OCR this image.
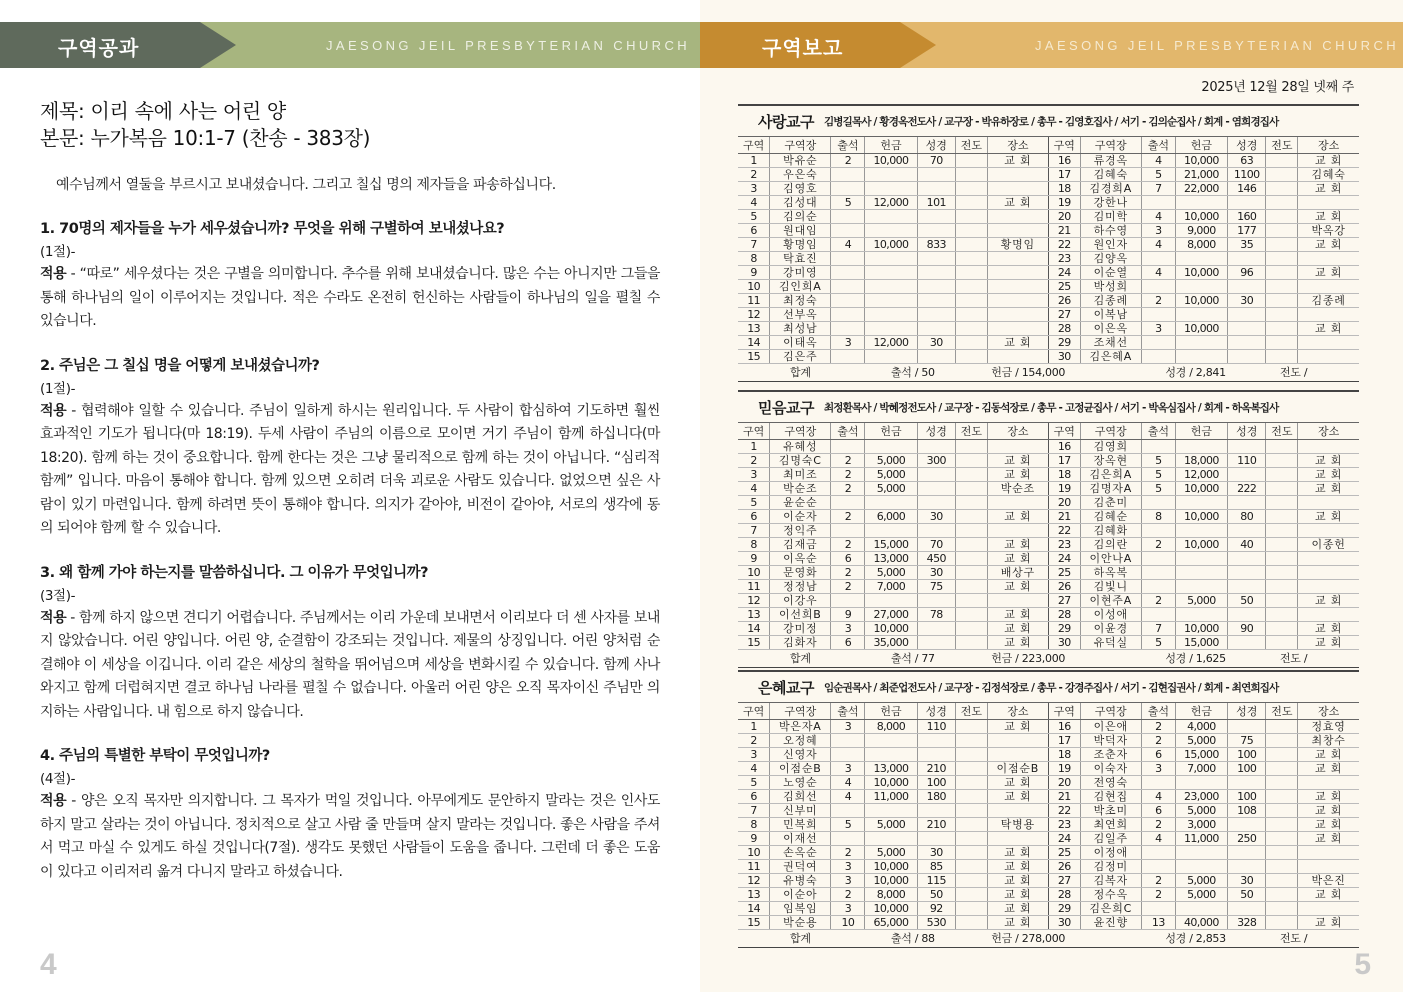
구역공과	JAESONG JEIL PRESBYTERIAN CHURCH
제목: 이리 속에 사는 어린 양
본문: 누가복음 10:1-7 (찬송 - 383장)
예수님께서 열둘을 부르시고 보내셨습니다. 그리고 칠십 명의 제자들을 파송하십니다.
1. 70명의 제자들을 누가 세우셨습니까? 무엇을 위해 구별하여 보내셨나요?
(1절)-
적용 - “따로” 세우셨다는 것은 구별을 의미합니다. 추수를 위해 보내셨습니다. 많은 수는 아니지만 그들을 통해 하나님의 일이 이루어지는 것입니다. 적은 수라도 온전히 헌신하는 사람들이 하나님의 일을 펼칠 수 있습니다.
2. 주님은 그 칠십 명을 어떻게 보내셨습니까?
(1절)-
적용 - 협력해야 일할 수 있습니다. 주님이 일하게 하시는 원리입니다. 두 사람이 합심하여 기도하면 훨씬 효과적인 기도가 됩니다(마 18:19). 두세 사람이 주님의 이름으로 모이면 거기 주님이 함께 하십니다(마 18:20). 함께 하는 것이 중요합니다. 함께 한다는 것은 그냥 물리적으로 함께 하는 것이 아닙니다. “심리적 함께” 입니다. 마음이 통해야 합니다. 함께 있으면 오히려 더욱 괴로운 사람도 있습니다. 없었으면 싶은 사람이 있기 마련입니다. 함께 하려면 뜻이 통해야 합니다. 의지가 같아야, 비전이 같아야, 서로의 생각에 동의 되어야 함께 할 수 있습니다.
3. 왜 함께 가야 하는지를 말씀하십니다. 그 이유가 무엇입니까?
(3절)-
적용 - 함께 하지 않으면 견디기 어렵습니다. 주님께서는 이리 가운데 보내면서 이리보다 더 센 사자를 보내지 않았습니다. 어린 양입니다. 어린 양, 순결함이 강조되는 것입니다. 제물의 상징입니다. 어린 양처럼 순결해야 이 세상을 이깁니다. 이리 같은 세상의 철학을 뛰어넘으며 세상을 변화시킬 수 있습니다. 함께 사나와지고 함께 더럽혀지면 결코 하나님 나라를 펼칠 수 없습니다. 아울러 어린 양은 오직 목자이신 주님만 의지하는 사람입니다. 내 힘으로 하지 않습니다.
4. 주님의 특별한 부탁이 무엇입니까?
(4절)-
적용 - 양은 오직 목자만 의지합니다. 그 목자가 먹일 것입니다. 아무에게도 문안하지 말라는 것은 인사도 하지 말고 살라는 것이 아닙니다. 정치적으로 살고 사람 줄 만들며 살지 말라는 것입니다. 좋은 사람을 주셔서 먹고 마실 수 있게도 하실 것입니다(7절). 생각도 못했던 사람들이 도움을 줍니다. 그런데 더 좋은 도움이 있다고 이리저리 옮겨 다니지 말라고 하셨습니다.
4
구역보고	JAESONG JEIL PRESBYTERIAN CHURCH
2025년 12월 28일 넷째 주
사랑교구 김병길목사 / 황경옥전도사 / 교구장 - 박유하장로 / 총무 - 김영호집사 / 서기 - 김의순집사 / 회계 - 염희경집사
구역	구역장	출석	헌금	성경	전도	장소	구역	구역장	출석	헌금	성경	전도	장소
1	박유순	2	10,000	70		교 회	16	류경옥	4	10,000	63		교 회
2	우은숙						17	김혜숙	5	21,000	1100		김혜숙
3	김영호						18	김경희A	7	22,000	146		교 회
4	김성대	5	12,000	101		교 회	19	강한나					
5	김의순						20	김미학	4	10,000	160		교 회
6	원대임						21	하수영	3	9,000	177		박옥강
7	황명임	4	10,000	833		황명임	22	원인자	4	8,000	35		교 회
8	탁효진						23	김양옥					
9	강미영						24	이순열	4	10,000	96		교 회
10	김인희A						25	박성희					
11	최정숙						26	김종례	2	10,000	30		김종례
12	선부옥						27	이복남					
13	최성남						28	이은옥	3	10,000			교 회
14	이태옥	3	12,000	30		교 회	29	조채선					
15	김은주						30	김은혜A					
합계			출석 / 50			헌금 / 154,000			성경 / 2,841			전도 /	
믿음교구 최정환목사 / 박혜정전도사 / 교구장 - 김동석장로 / 총무 - 고정균집사 / 서기 - 박옥심집사 / 회계 - 하옥복집사
구역	구역장	출석	헌금	성경	전도	장소	구역	구역장	출석	헌금	성경	전도	장소
1	유혜성						16	김영희					
2	김명숙C	2	5,000	300		교 회	17	장옥현	5	18,000	110		교 회
3	최미조	2	5,000			교 회	18	김은희A	5	12,000			교 회
4	박순조	2	5,000			박순조	19	김명자A	5	10,000	222		교 회
5	윤순순						20	김춘미					
6	이순자	2	6,000	30		교 회	21	김혜순	8	10,000	80		교 회
7	정익주						22	김혜화					
8	김재금	2	15,000	70		교 회	23	김의란	2	10,000	40		이종헌
9	이옥순	6	13,000	450		교 회	24	이안나A					
10	문영화	2	5,000	30		배상구	25	하옥복					
11	정정남	2	7,000	75		교 회	26	김빛니					
12	이강우						27	이현주A	2	5,000	50		교 회
13	이선희B	9	27,000	78		교 회	28	이성애					
14	강미정	3	10,000			교 회	29	이윤경	7	10,000	90		교 회
15	김화자	6	35,000			교 회	30	유덕실	5	15,000			교 회
합계			출석 / 77			헌금 / 223,000			성경 / 1,625			전도 /	
은혜교구 임순권목사 / 최준업전도사 / 교구장 - 김정석장로 / 총무 - 강경주집사 / 서기 - 김현집권사 / 회계 - 최연희집사
구역	구역장	출석	헌금	성경	전도	장소	구역	구역장	출석	헌금	성경	전도	장소
1	박은자A	3	8,000	110		교 회	16	이은애	2	4,000			정효영
2	오정혜						17	박덕자	2	5,000	75		최창수
3	신영자						18	조춘자	6	15,000	100		교 회
4	이점순B	3	13,000	210		이점순B	19	이숙자	3	7,000	100		교 회
5	노영순	4	10,000	100		교 회	20	전영숙					
6	김희선	4	11,000	180		교 회	21	김현집	4	23,000	100		교 회
7	신부미						22	박초미	6	5,000	108		교 회
8	민복희	5	5,000	210		탁병용	23	최연희	2	3,000			교 회
9	이재선						24	김일주	4	11,000	250		교 회
10	손옥순	2	5,000	30		교 회	25	이정애					
11	권덕여	3	10,000	85		교 회	26	김정미					
12	유병숙	3	10,000	115		교 회	27	김복자	2	5,000	30		박은진
13	이순아	2	8,000	50		교 회	28	정수옥	2	5,000	50		교 회
14	임복임	3	10,000	92		교 회	29	김은희C					
15	박순용	10	65,000	530		교 회	30	윤진향	13	40,000	328		교 회
합계			출석 / 88			헌금 / 278,000			성경 / 2,853			전도 /	
5
